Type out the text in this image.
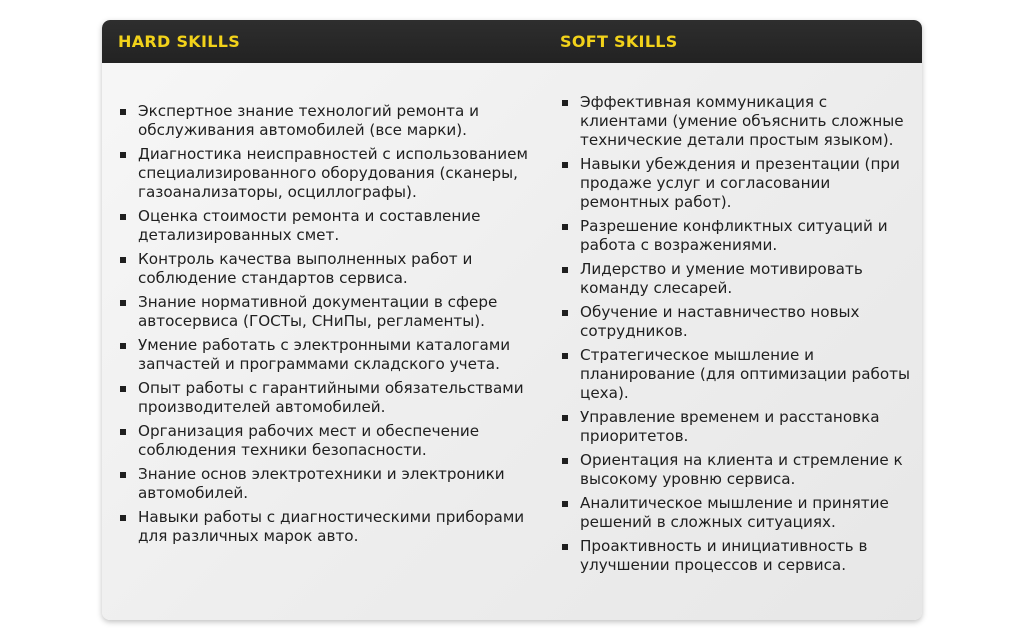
HARD SKILLS	SOFT SKILLS
Экспертное знание технологий ремонта и обслуживания автомобилей (все марки).
Диагностика неисправностей с использованием специализированного оборудования (сканеры, газоанализаторы, осциллографы).
Оценка стоимости ремонта и составление детализированных смет.
Контроль качества выполненных работ и соблюдение стандартов сервиса.
Знание нормативной документации в сфере автосервиса (ГОСТы, СНиПы, регламенты).
Умение работать с электронными каталогами запчастей и программами складского учета.
Опыт работы с гарантийными обязательствами производителей автомобилей.
Организация рабочих мест и обеспечение соблюдения техники безопасности.
Знание основ электротехники и электроники автомобилей.
Навыки работы с диагностическими приборами для различных марок авто.
Эффективная коммуникация с клиентами (умение объяснить сложные технические детали простым языком).
Навыки убеждения и презентации (при продаже услуг и согласовании ремонтных работ).
Разрешение конфликтных ситуаций и работа с возражениями.
Лидерство и умение мотивировать команду слесарей.
Обучение и наставничество новых сотрудников.
Стратегическое мышление и планирование (для оптимизации работы цеха).
Управление временем и расстановка приоритетов.
Ориентация на клиента и стремление к высокому уровню сервиса.
Аналитическое мышление и принятие решений в сложных ситуациях.
Проактивность и инициативность в улучшении процессов и сервиса.
